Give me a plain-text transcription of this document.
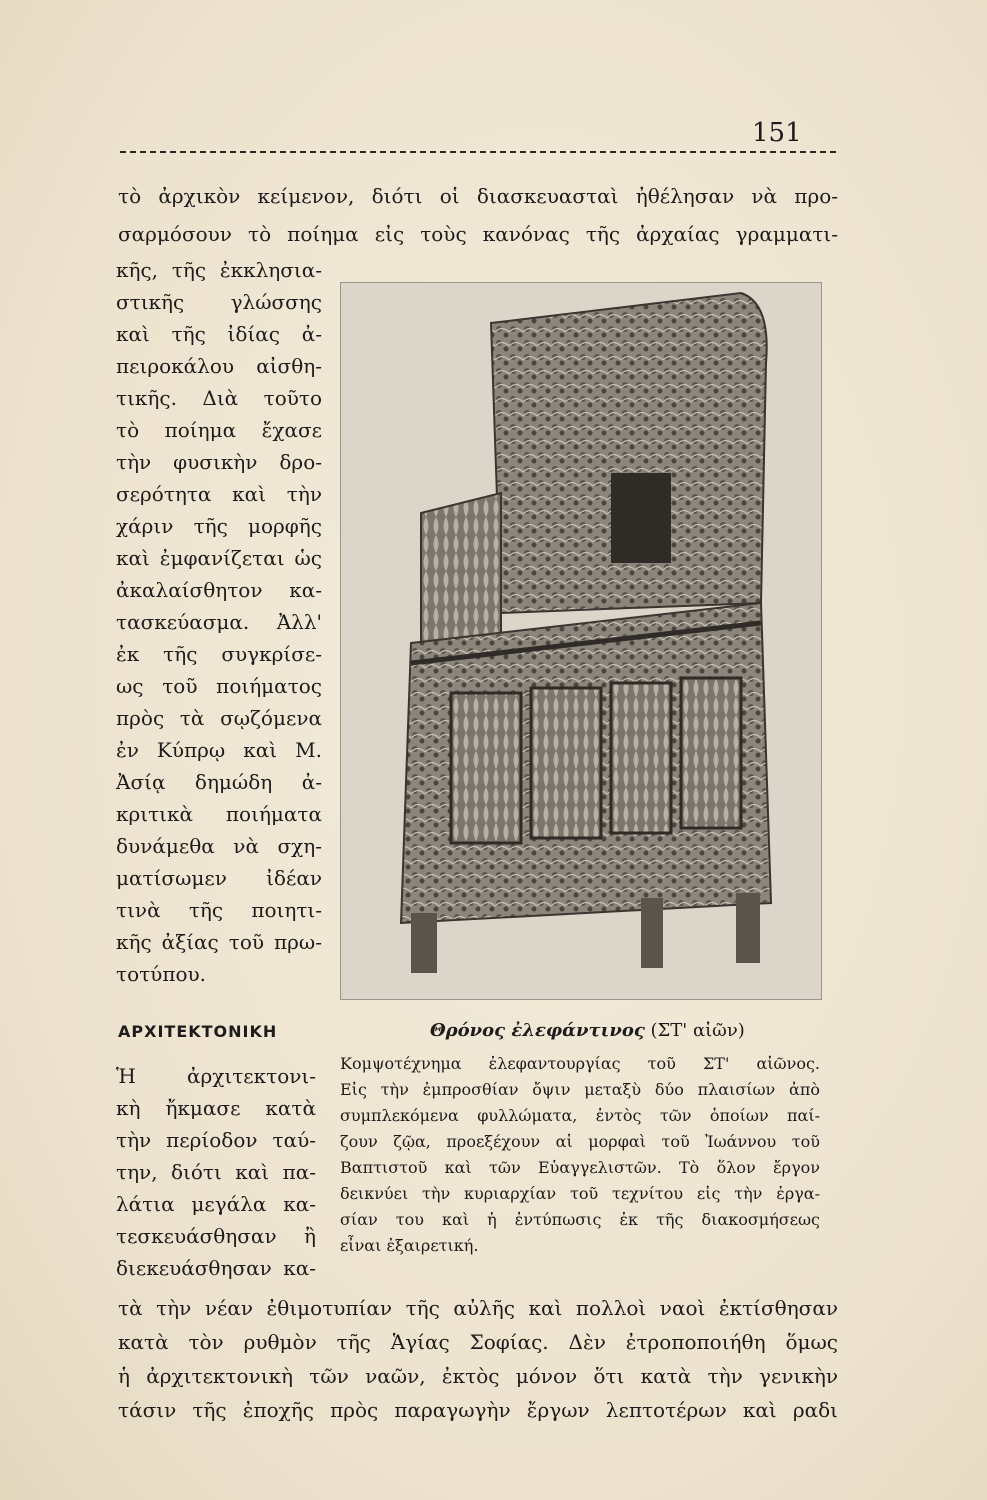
151
τὸ ἀρχικὸν κείμενον, διότι οἱ διασκευασταὶ ἠθέλησαν νὰ προ-
σαρμόσουν τὸ ποίημα εἰς τοὺς κανόνας τῆς ἀρχαίας γραμματι-
κῆς, τῆς ἐκκλησια-
στικῆς γλώσσης
καὶ τῆς ἰδίας ἀ-
πειροκάλου αἰσθη-
τικῆς. Διὰ τοῦτο
τὸ ποίημα ἔχασε
τὴν φυσικὴν δρο-
σερότητα καὶ τὴν
χάριν τῆς μορφῆς
καὶ ἐμφανίζεται ὡς
ἀκαλαίσθητον κα-
τασκεύασμα. Ἀλλ'
ἐκ τῆς συγκρίσε-
ως τοῦ ποιήματος
πρὸς τὰ σῳζόμενα
ἐν Κύπρῳ καὶ Μ.
Ἀσίᾳ δημώδη ἀ-
κριτικὰ ποιήματα
δυνάμεθα νὰ σχη-
ματίσωμεν ἰδέαν
τινὰ τῆς ποιητι-
κῆς ἀξίας τοῦ πρω-
τοτύπου.
ΑΡΧΙΤΕΚΤΟΝΙΚΗ	Θρόνος ἐλεφάντινος (ΣΤ' αἰῶν)
Κομψοτέχνημα ἐλεφαντουργίας τοῦ ΣΤ' αἰῶνος.
Εἰς τὴν ἐμπροσθίαν ὄψιν μεταξὺ δύο πλαισίων ἀπὸ
συμπλεκόμενα φυλλώματα, ἐντὸς τῶν ὁποίων παί-
ζουν ζῷα, προεξέχουν αἱ μορφαὶ τοῦ Ἰωάννου τοῦ
Βαπτιστοῦ καὶ τῶν Εὐαγγελιστῶν. Τὸ ὅλον ἔργον
δεικνύει τὴν κυριαρχίαν τοῦ τεχνίτου εἰς τὴν ἐργα-
σίαν του καὶ ἡ ἐντύπωσις ἐκ τῆς διακοσμήσεως
εἶναι ἐξαιρετική.
Ἡ ἀρχιτεκτονι-
κὴ ἤκμασε κατὰ
τὴν περίοδον ταύ-
την, διότι καὶ πα-
λάτια μεγάλα κα-
τεσκευάσθησαν ἢ
διεκευάσθησαν κα-
τὰ τὴν νέαν ἐθιμοτυπίαν τῆς αὐλῆς καὶ πολλοὶ ναοὶ ἐκτίσθησαν
κατὰ τὸν ρυθμὸν τῆς Ἁγίας Σοφίας. Δὲν ἐτροποποιήθη ὅμως
ἡ ἀρχιτεκτονικὴ τῶν ναῶν, ἐκτὸς μόνον ὅτι κατὰ τὴν γενικὴν
τάσιν τῆς ἐποχῆς πρὸς παραγωγὴν ἔργων λεπτοτέρων καὶ ραδι
